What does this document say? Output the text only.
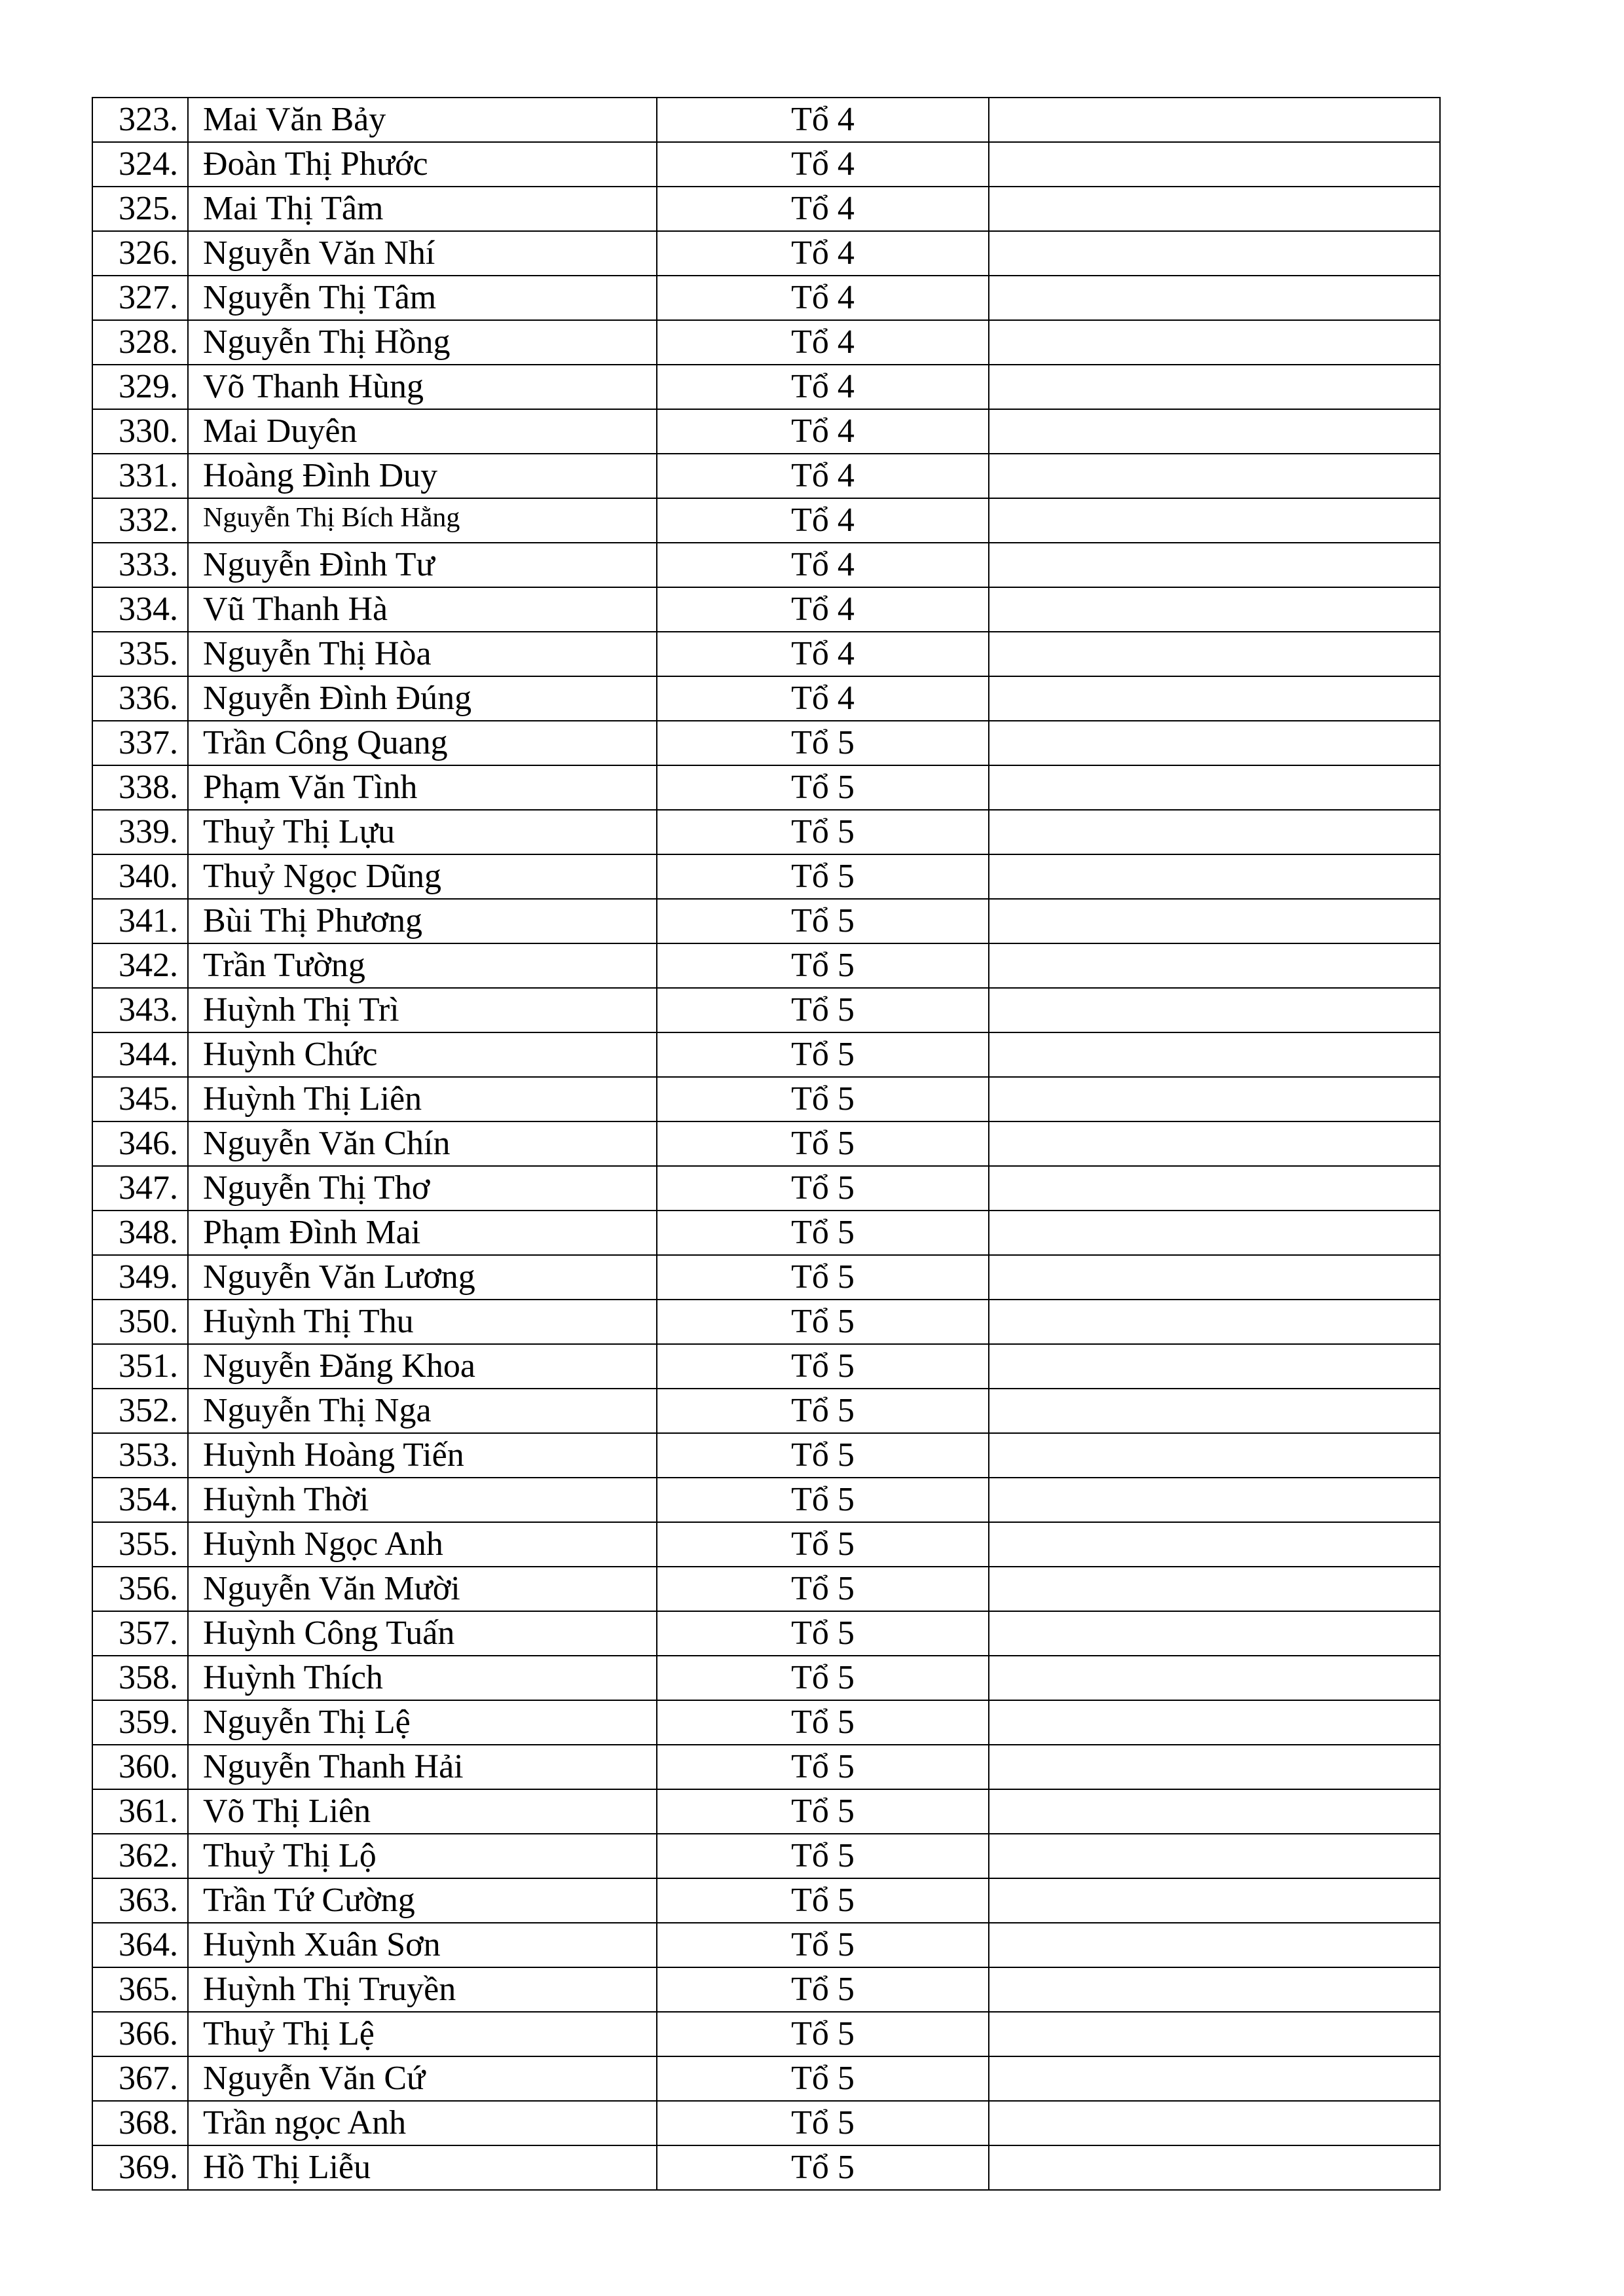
323.	Mai Văn Bảy	Tổ 4	
324.	Đoàn Thị Phước	Tổ 4	
325.	Mai Thị Tâm	Tổ 4	
326.	Nguyễn Văn Nhí	Tổ 4	
327.	Nguyễn Thị Tâm	Tổ 4	
328.	Nguyễn Thị Hồng	Tổ 4	
329.	Võ Thanh Hùng	Tổ 4	
330.	Mai Duyên	Tổ 4	
331.	Hoàng Đình Duy	Tổ 4	
332.	Nguyễn Thị Bích Hằng	Tổ 4	
333.	Nguyễn Đình Tư	Tổ 4	
334.	Vũ Thanh Hà	Tổ 4	
335.	Nguyễn Thị Hòa	Tổ 4	
336.	Nguyễn Đình Đúng	Tổ 4	
337.	Trần Công Quang	Tổ 5	
338.	Phạm Văn Tình	Tổ 5	
339.	Thuỷ Thị Lựu	Tổ 5	
340.	Thuỷ Ngọc Dũng	Tổ 5	
341.	Bùi Thị Phương	Tổ 5	
342.	Trần Tường	Tổ 5	
343.	Huỳnh Thị Trì	Tổ 5	
344.	Huỳnh Chức	Tổ 5	
345.	Huỳnh Thị Liên	Tổ 5	
346.	Nguyễn Văn Chín	Tổ 5	
347.	Nguyễn Thị Thơ	Tổ 5	
348.	Phạm Đình Mai	Tổ 5	
349.	Nguyễn Văn Lương	Tổ 5	
350.	Huỳnh Thị Thu	Tổ 5	
351.	Nguyễn Đăng Khoa	Tổ 5	
352.	Nguyễn Thị Nga	Tổ 5	
353.	Huỳnh Hoàng Tiến	Tổ 5	
354.	Huỳnh Thời	Tổ 5	
355.	Huỳnh Ngọc Anh	Tổ 5	
356.	Nguyễn Văn Mười	Tổ 5	
357.	Huỳnh Công Tuấn	Tổ 5	
358.	Huỳnh Thích	Tổ 5	
359.	Nguyễn Thị Lệ	Tổ 5	
360.	Nguyễn Thanh Hải	Tổ 5	
361.	Võ Thị Liên	Tổ 5	
362.	Thuỷ Thị Lộ	Tổ 5	
363.	Trần Tứ Cường	Tổ 5	
364.	Huỳnh Xuân Sơn	Tổ 5	
365.	Huỳnh Thị Truyền	Tổ 5	
366.	Thuỷ Thị Lệ	Tổ 5	
367.	Nguyễn Văn Cứ	Tổ 5	
368.	Trần ngọc Anh	Tổ 5	
369.	Hồ Thị Liễu	Tổ 5	
